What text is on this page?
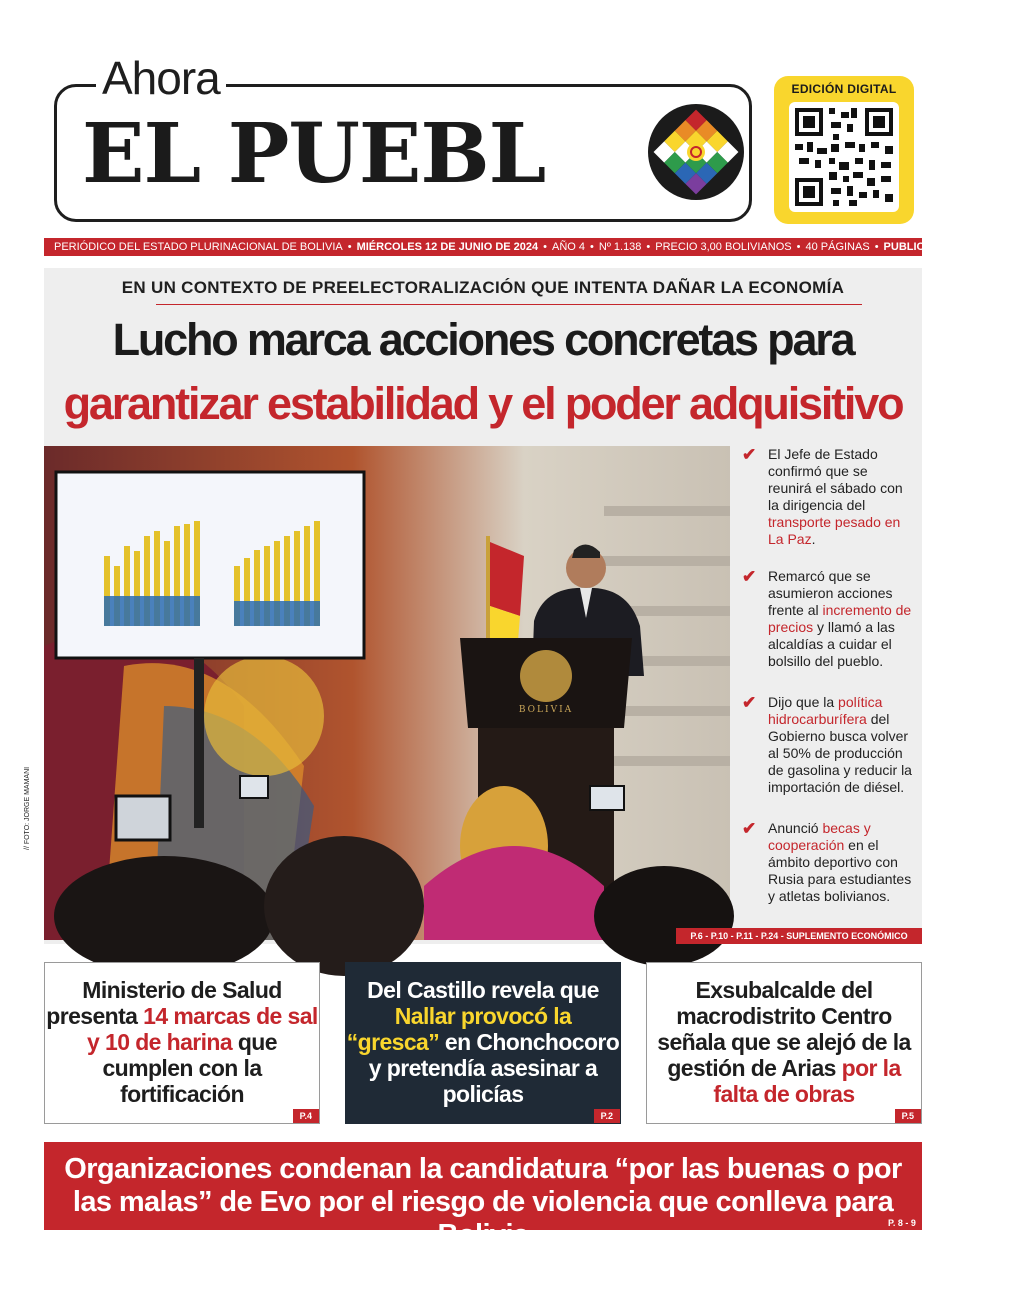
Ahora
EL PUEBL
EDICIÓN DIGITAL
PERIÓDICO DEL ESTADO PLURINACIONAL DE BOLIVIA • MIÉRCOLES 12 DE JUNIO DE 2024 • AÑO 4 • Nº 1.138 • PRECIO 3,00 BOLIVIANOS • 40 PÁGINAS • PUBLICACIÓN NACIONAL
EN UN CONTEXTO DE PREELECTORALIZACIÓN QUE INTENTA DAÑAR LA ECONOMÍA
Lucho marca acciones concretas para
garantizar estabilidad y el poder adquisitivo
BOLIVIA
✔ El Jefe de Estado confirmó que se reunirá el sábado con la dirigencia del transporte pesado en La Paz.
✔ Remarcó que se asumieron acciones frente al incremento de precios y llamó a las alcaldías a cuidar el bolsillo del pueblo.
✔ Dijo que la política hidrocarburífera del Gobierno busca volver al 50% de producción de gasolina y reducir la importación de diésel.
✔ Anunció becas y cooperación en el ámbito deportivo con Rusia para estudiantes y atletas bolivianos.
// FOTO: JORGE MAMANI
P.6 - P.10 - P.11 - P.24 - SUPLEMENTO ECONÓMICO
Ministerio de Salud presenta 14 marcas de sal y 10 de harina que cumplen con la fortificación
P.4
Del Castillo revela que Nallar provocó la “gresca” en Chonchocoro y pretendía asesinar a policías
P.2
Exsubalcalde del macrodistrito Centro señala que se alejó de la gestión de Arias por la falta de obras
P.5
Organizaciones condenan la candidatura “por las buenas o por las malas” de Evo por el riesgo de violencia que conlleva para Bolivia	P. 8 - 9
